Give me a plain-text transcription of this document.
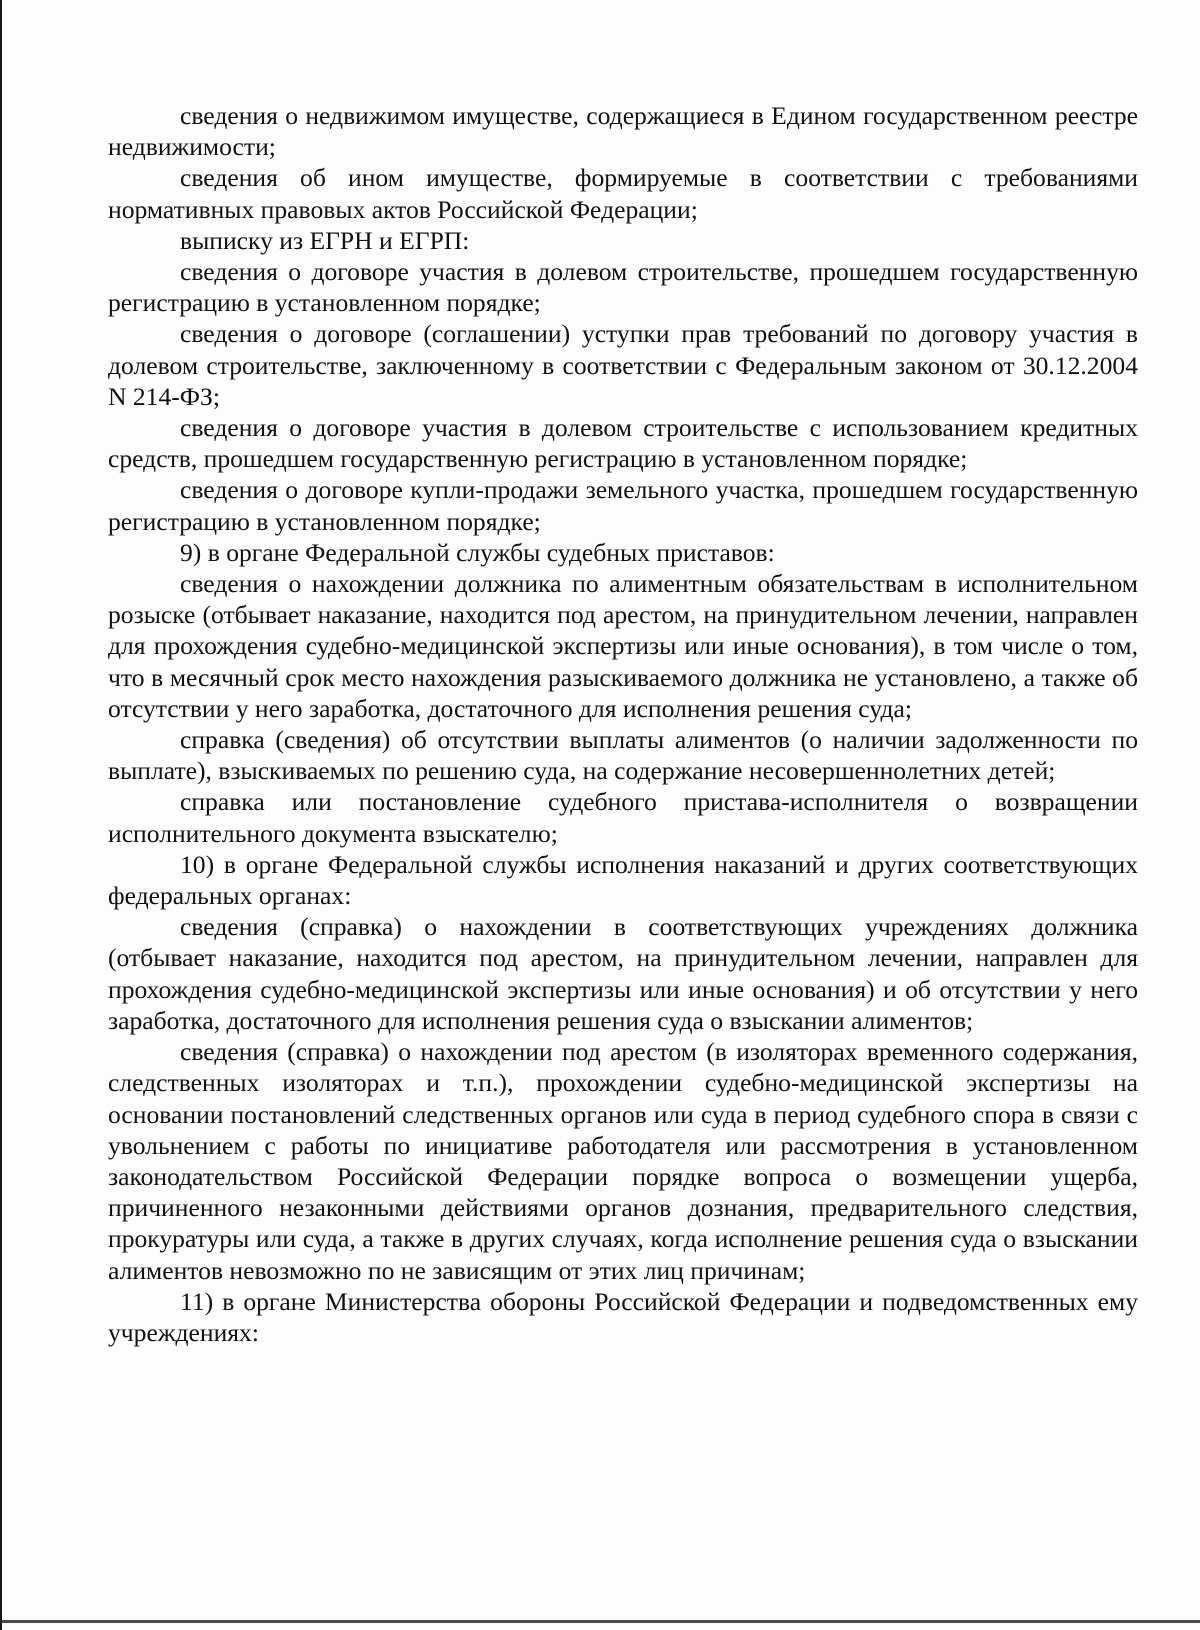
сведения о недвижимом имуществе, содержащиеся в Едином государственном реестре недвижимости;

сведения об ином имуществе, формируемые в соответствии с требованиями нормативных правовых актов Российской Федерации;

выписку из ЕГРН и ЕГРП:

сведения о договоре участия в долевом строительстве, прошедшем государственную регистрацию в установленном порядке;

сведения о договоре (соглашении) уступки прав требований по договору участия в долевом строительстве, заключенному в соответствии с Федеральным законом от 30.12.2004 N 214-ФЗ;

сведения о договоре участия в долевом строительстве с использованием кредитных средств, прошедшем государственную регистрацию в установленном порядке;

сведения о договоре купли-продажи земельного участка, прошедшем государственную регистрацию в установленном порядке;

9) в органе Федеральной службы судебных приставов:

сведения о нахождении должника по алиментным обязательствам в исполнительном розыске (отбывает наказание, находится под арестом, на принудительном лечении, направлен для прохождения судебно-медицинской экспертизы или иные основания), в том числе о том, что в месячный срок место нахождения разыскиваемого должника не установлено, а также об отсутствии у него заработка, достаточного для исполнения решения суда;

справка (сведения) об отсутствии выплаты алиментов (о наличии задолженности по выплате), взыскиваемых по решению суда, на содержание несовершеннолетних детей;

справка или постановление судебного пристава-исполнителя о возвращении исполнительного документа взыскателю;

10) в органе Федеральной службы исполнения наказаний и других соответствующих федеральных органах:

сведения (справка) о нахождении в соответствующих учреждениях должника (отбывает наказание, находится под арестом, на принудительном лечении, направлен для прохождения судебно-медицинской экспертизы или иные основания) и об отсутствии у него заработка, достаточного для исполнения решения суда о взыскании алиментов;

сведения (справка) о нахождении под арестом (в изоляторах временного содержания, следственных изоляторах и т.п.), прохождении судебно-медицинской экспертизы на основании постановлений следственных органов или суда в период судебного спора в связи с увольнением с работы по инициативе работодателя или рассмотрения в установленном законодательством Российской Федерации порядке вопроса о возмещении ущерба, причиненного незаконными действиями органов дознания, предварительного следствия, прокуратуры или суда, а также в других случаях, когда исполнение решения суда о взыскании алиментов невозможно по не зависящим от этих лиц причинам;

11) в органе Министерства обороны Российской Федерации и подведомственных ему учреждениях:
